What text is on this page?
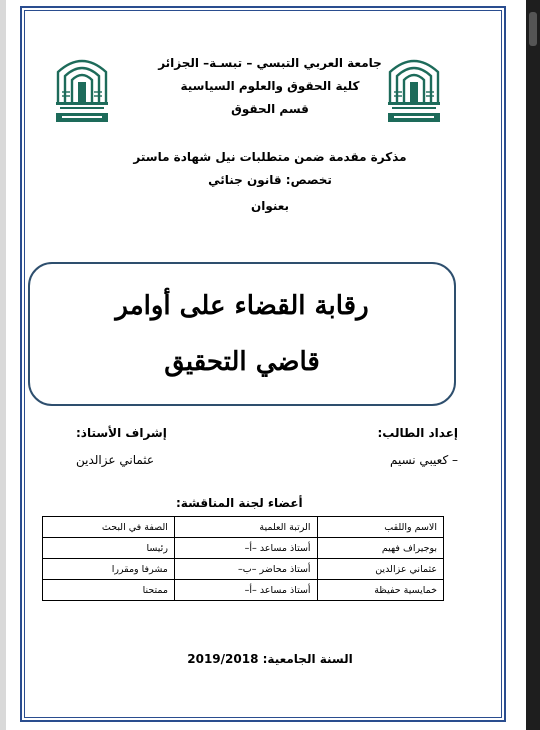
جامعة العربي التبسي – تبسـة– الجزائر
كلية الحقوق والعلوم السياسية
قسم الحقوق
مذكرة مقدمة ضمن متطلبات نيل شهادة ماستر
تخصص: قانون جنائي
بعنوان
رقابة القضاء على أوامر قاضي التحقيق
إعداد الطالب:
– كعيبي نسيم
إشراف الأستاذ:
عثماني عزالدين
أعضاء لجنة المناقشة:
الاسم واللقب	الرتبة العلمية	الصفة في البحث
بوجيراف فهيم	أستاذ مساعد –أ–	رئيسا
عثماني عزالدين	أستاذ محاضر –ب–	مشرفا ومقررا
خمايسية حفيظة	أستاذ مساعد –أ–	ممتحنا
السنة الجامعية: 2019/2018
